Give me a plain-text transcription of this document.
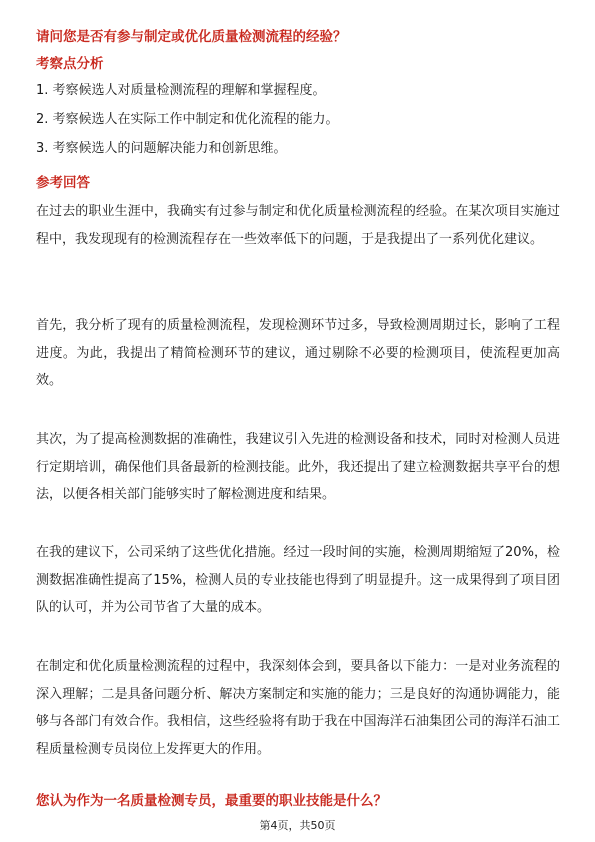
请问您是否有参与制定或优化质量检测流程的经验？
考察点分析
1. 考察候选人对质量检测流程的理解和掌握程度。
2. 考察候选人在实际工作中制定和优化流程的能力。
3. 考察候选人的问题解决能力和创新思维。
参考回答
在过去的职业生涯中，我确实有过参与制定和优化质量检测流程的经验。在某次项目实施过程中，我发现现有的检测流程存在一些效率低下的问题，于是我提出了一系列优化建议。
首先，我分析了现有的质量检测流程，发现检测环节过多，导致检测周期过长，影响了工程进度。为此，我提出了精简检测环节的建议，通过剔除不必要的检测项目，使流程更加高效。
其次，为了提高检测数据的准确性，我建议引入先进的检测设备和技术，同时对检测人员进行定期培训，确保他们具备最新的检测技能。此外，我还提出了建立检测数据共享平台的想法，以便各相关部门能够实时了解检测进度和结果。
在我的建议下，公司采纳了这些优化措施。经过一段时间的实施，检测周期缩短了20%，检测数据准确性提高了15%，检测人员的专业技能也得到了明显提升。这一成果得到了项目团队的认可，并为公司节省了大量的成本。
在制定和优化质量检测流程的过程中，我深刻体会到，要具备以下能力：一是对业务流程的深入理解；二是具备问题分析、解决方案制定和实施的能力；三是良好的沟通协调能力，能够与各部门有效合作。我相信，这些经验将有助于我在中国海洋石油集团公司的海洋石油工程质量检测专员岗位上发挥更大的作用。
您认为作为一名质量检测专员，最重要的职业技能是什么？
第4页，共50页
